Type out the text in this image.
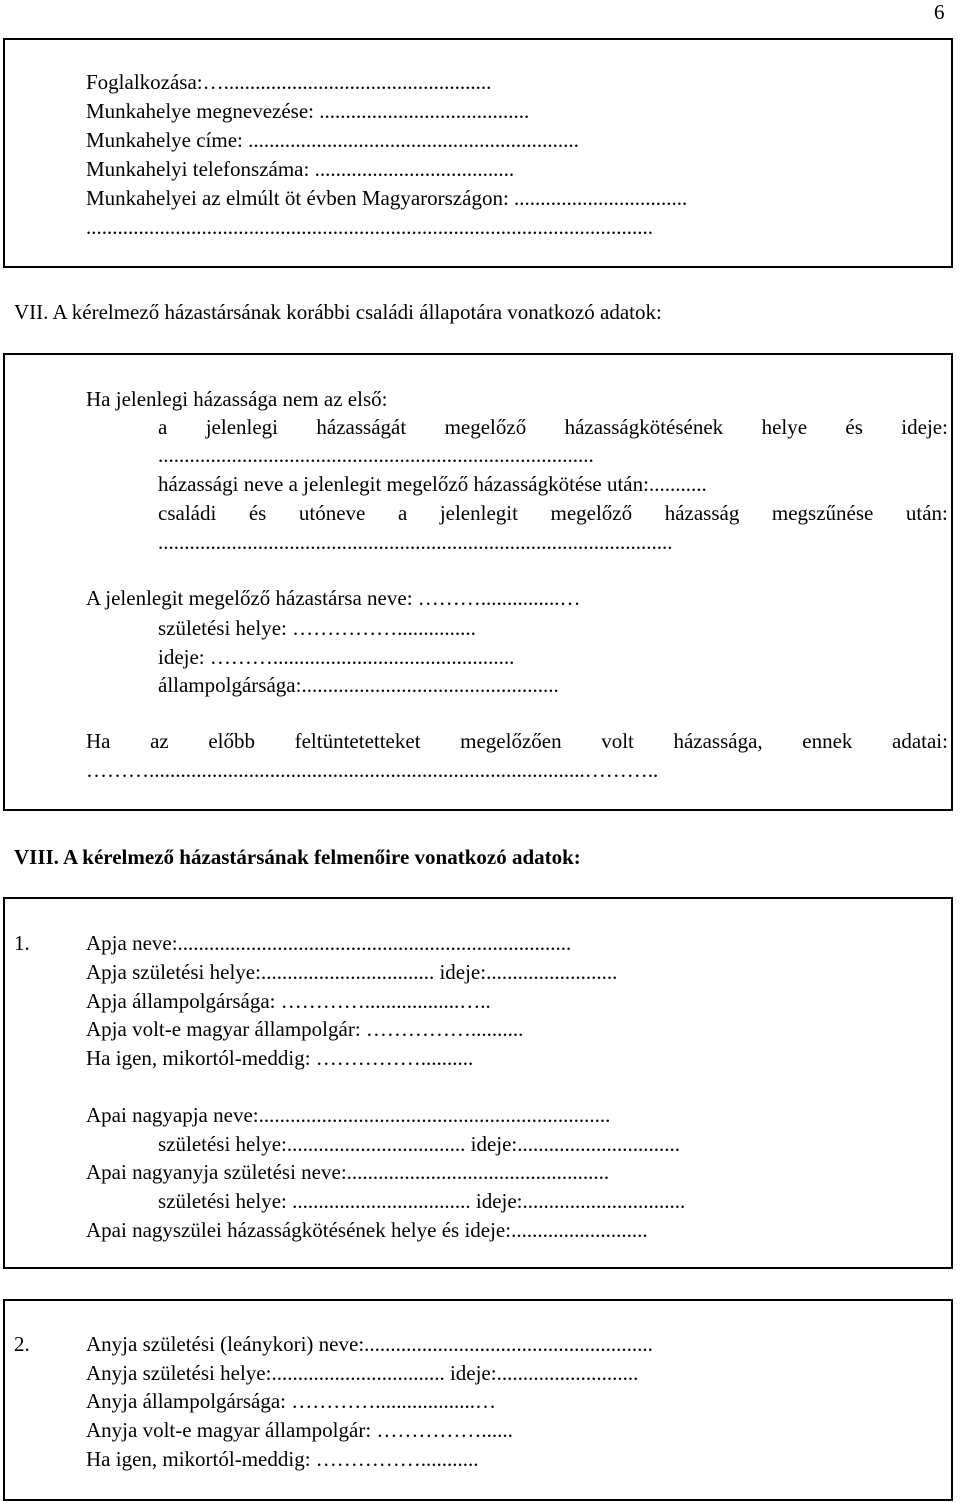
6
Foglalkozása:…...................................................
Munkahelye megnevezése: ........................................
Munkahelye címe: ...............................................................
Munkahelyi telefonszáma: ......................................
Munkahelyei az elmúlt öt évben Magyarországon: .................................
............................................................................................................
VII. A kérelmező házastársának korábbi családi állapotára vonatkozó adatok:
Ha jelenlegi házassága nem az első:
a jelenlegi házasságát megelőző házasságkötésének helye és ideje:
...................................................................................
házassági neve a jelenlegit megelőző házasságkötése után:...........
családi és utóneve a jelenlegit megelőző házasság megszűnése után:
..................................................................................................
A jelenlegit megelőző házastársa neve: ………...............…
születési helye: ……………...............
ideje: ………..............................................
állampolgársága:.................................................
Ha az előbb feltüntetetteket megelőzően volt házassága, ennek adatai:
………...................................................................................………..
VIII. A kérelmező házastársának felmenőire vonatkozó adatok:
1.	Apja neve:...........................................................................
Apja születési helye:................................. ideje:.........................
Apja állampolgársága: …………..................…..
Apja volt-e magyar állampolgár: ……………..........
Ha igen, mikortól-meddig: ……………..........
Apai nagyapja neve:...................................................................
születési helye:.................................. ideje:...............................
Apai nagyanyja születési neve:..................................................
születési helye: .................................. ideje:...............................
Apai nagyszülei házasságkötésének helye és ideje:..........................
2.	Anyja születési (leánykori) neve:.......................................................
Anyja születési helye:................................. ideje:...........................
Anyja állampolgársága: …………...................…
Anyja volt-e magyar állampolgár: ……………......
Ha igen, mikortól-meddig: ……………...........
